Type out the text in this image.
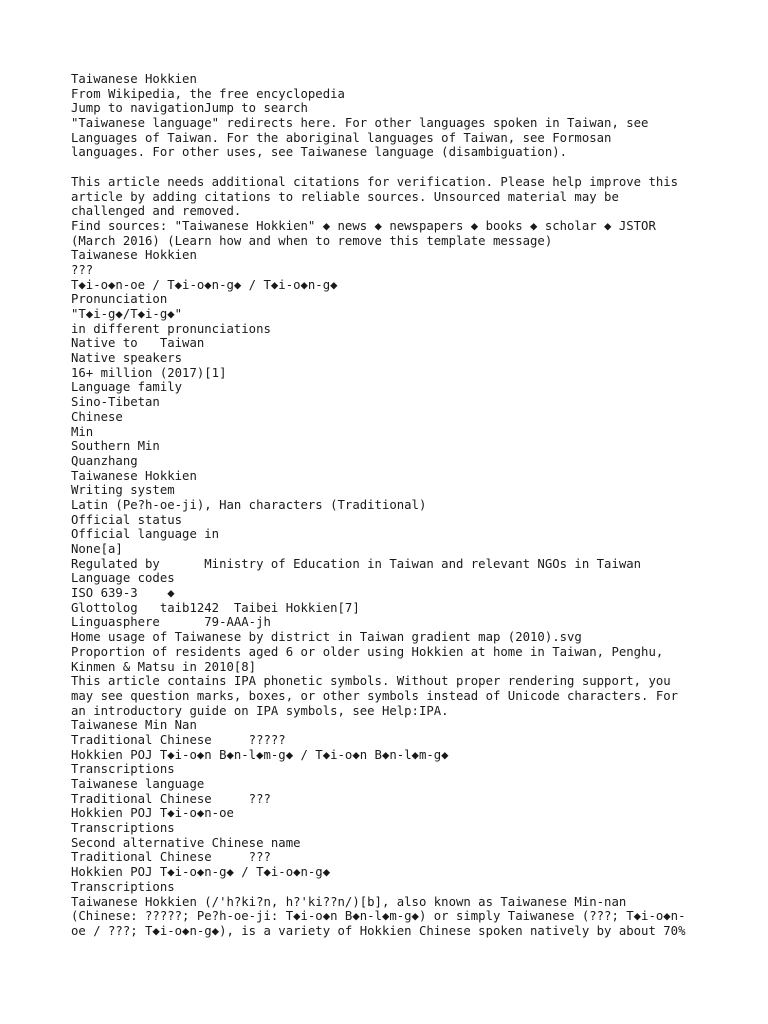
Taiwanese Hokkien
From Wikipedia, the free encyclopedia
Jump to navigationJump to search
"Taiwanese language" redirects here. For other languages spoken in Taiwan, see
Languages of Taiwan. For the aboriginal languages of Taiwan, see Formosan
languages. For other uses, see Taiwanese language (disambiguation).
This article needs additional citations for verification. Please help improve this
article by adding citations to reliable sources. Unsourced material may be
challenged and removed.
Find sources: "Taiwanese Hokkien" ◆ news ◆ newspapers ◆ books ◆ scholar ◆ JSTOR
(March 2016) (Learn how and when to remove this template message)
Taiwanese Hokkien
???
T◆i-o◆n-oe / T◆i-o◆n-g◆ / T◆i-o◆n-g◆
Pronunciation
"T◆i-g◆/T◆i-g◆"
in different pronunciations
Native to   Taiwan
Native speakers
16+ million (2017)[1]
Language family
Sino-Tibetan
Chinese
Min
Southern Min
Quanzhang
Taiwanese Hokkien
Writing system
Latin (Pe?h-oe-ji), Han characters (Traditional)
Official status
Official language in
None[a]
Regulated by      Ministry of Education in Taiwan and relevant NGOs in Taiwan
Language codes
ISO 639-3    ◆
Glottolog   taib1242  Taibei Hokkien[7]
Linguasphere      79-AAA-jh
Home usage of Taiwanese by district in Taiwan gradient map (2010).svg
Proportion of residents aged 6 or older using Hokkien at home in Taiwan, Penghu,
Kinmen & Matsu in 2010[8]
This article contains IPA phonetic symbols. Without proper rendering support, you
may see question marks, boxes, or other symbols instead of Unicode characters. For
an introductory guide on IPA symbols, see Help:IPA.
Taiwanese Min Nan
Traditional Chinese     ?????
Hokkien POJ T◆i-o◆n B◆n-l◆m-g◆ / T◆i-o◆n B◆n-l◆m-g◆
Transcriptions
Taiwanese language
Traditional Chinese     ???
Hokkien POJ T◆i-o◆n-oe
Transcriptions
Second alternative Chinese name
Traditional Chinese     ???
Hokkien POJ T◆i-o◆n-g◆ / T◆i-o◆n-g◆
Transcriptions
Taiwanese Hokkien (/'h?ki?n, h?'ki??n/)[b], also known as Taiwanese Min-nan
(Chinese: ?????; Pe?h-oe-ji: T◆i-o◆n B◆n-l◆m-g◆) or simply Taiwanese (???; T◆i-o◆n-
oe / ???; T◆i-o◆n-g◆), is a variety of Hokkien Chinese spoken natively by about 70%
